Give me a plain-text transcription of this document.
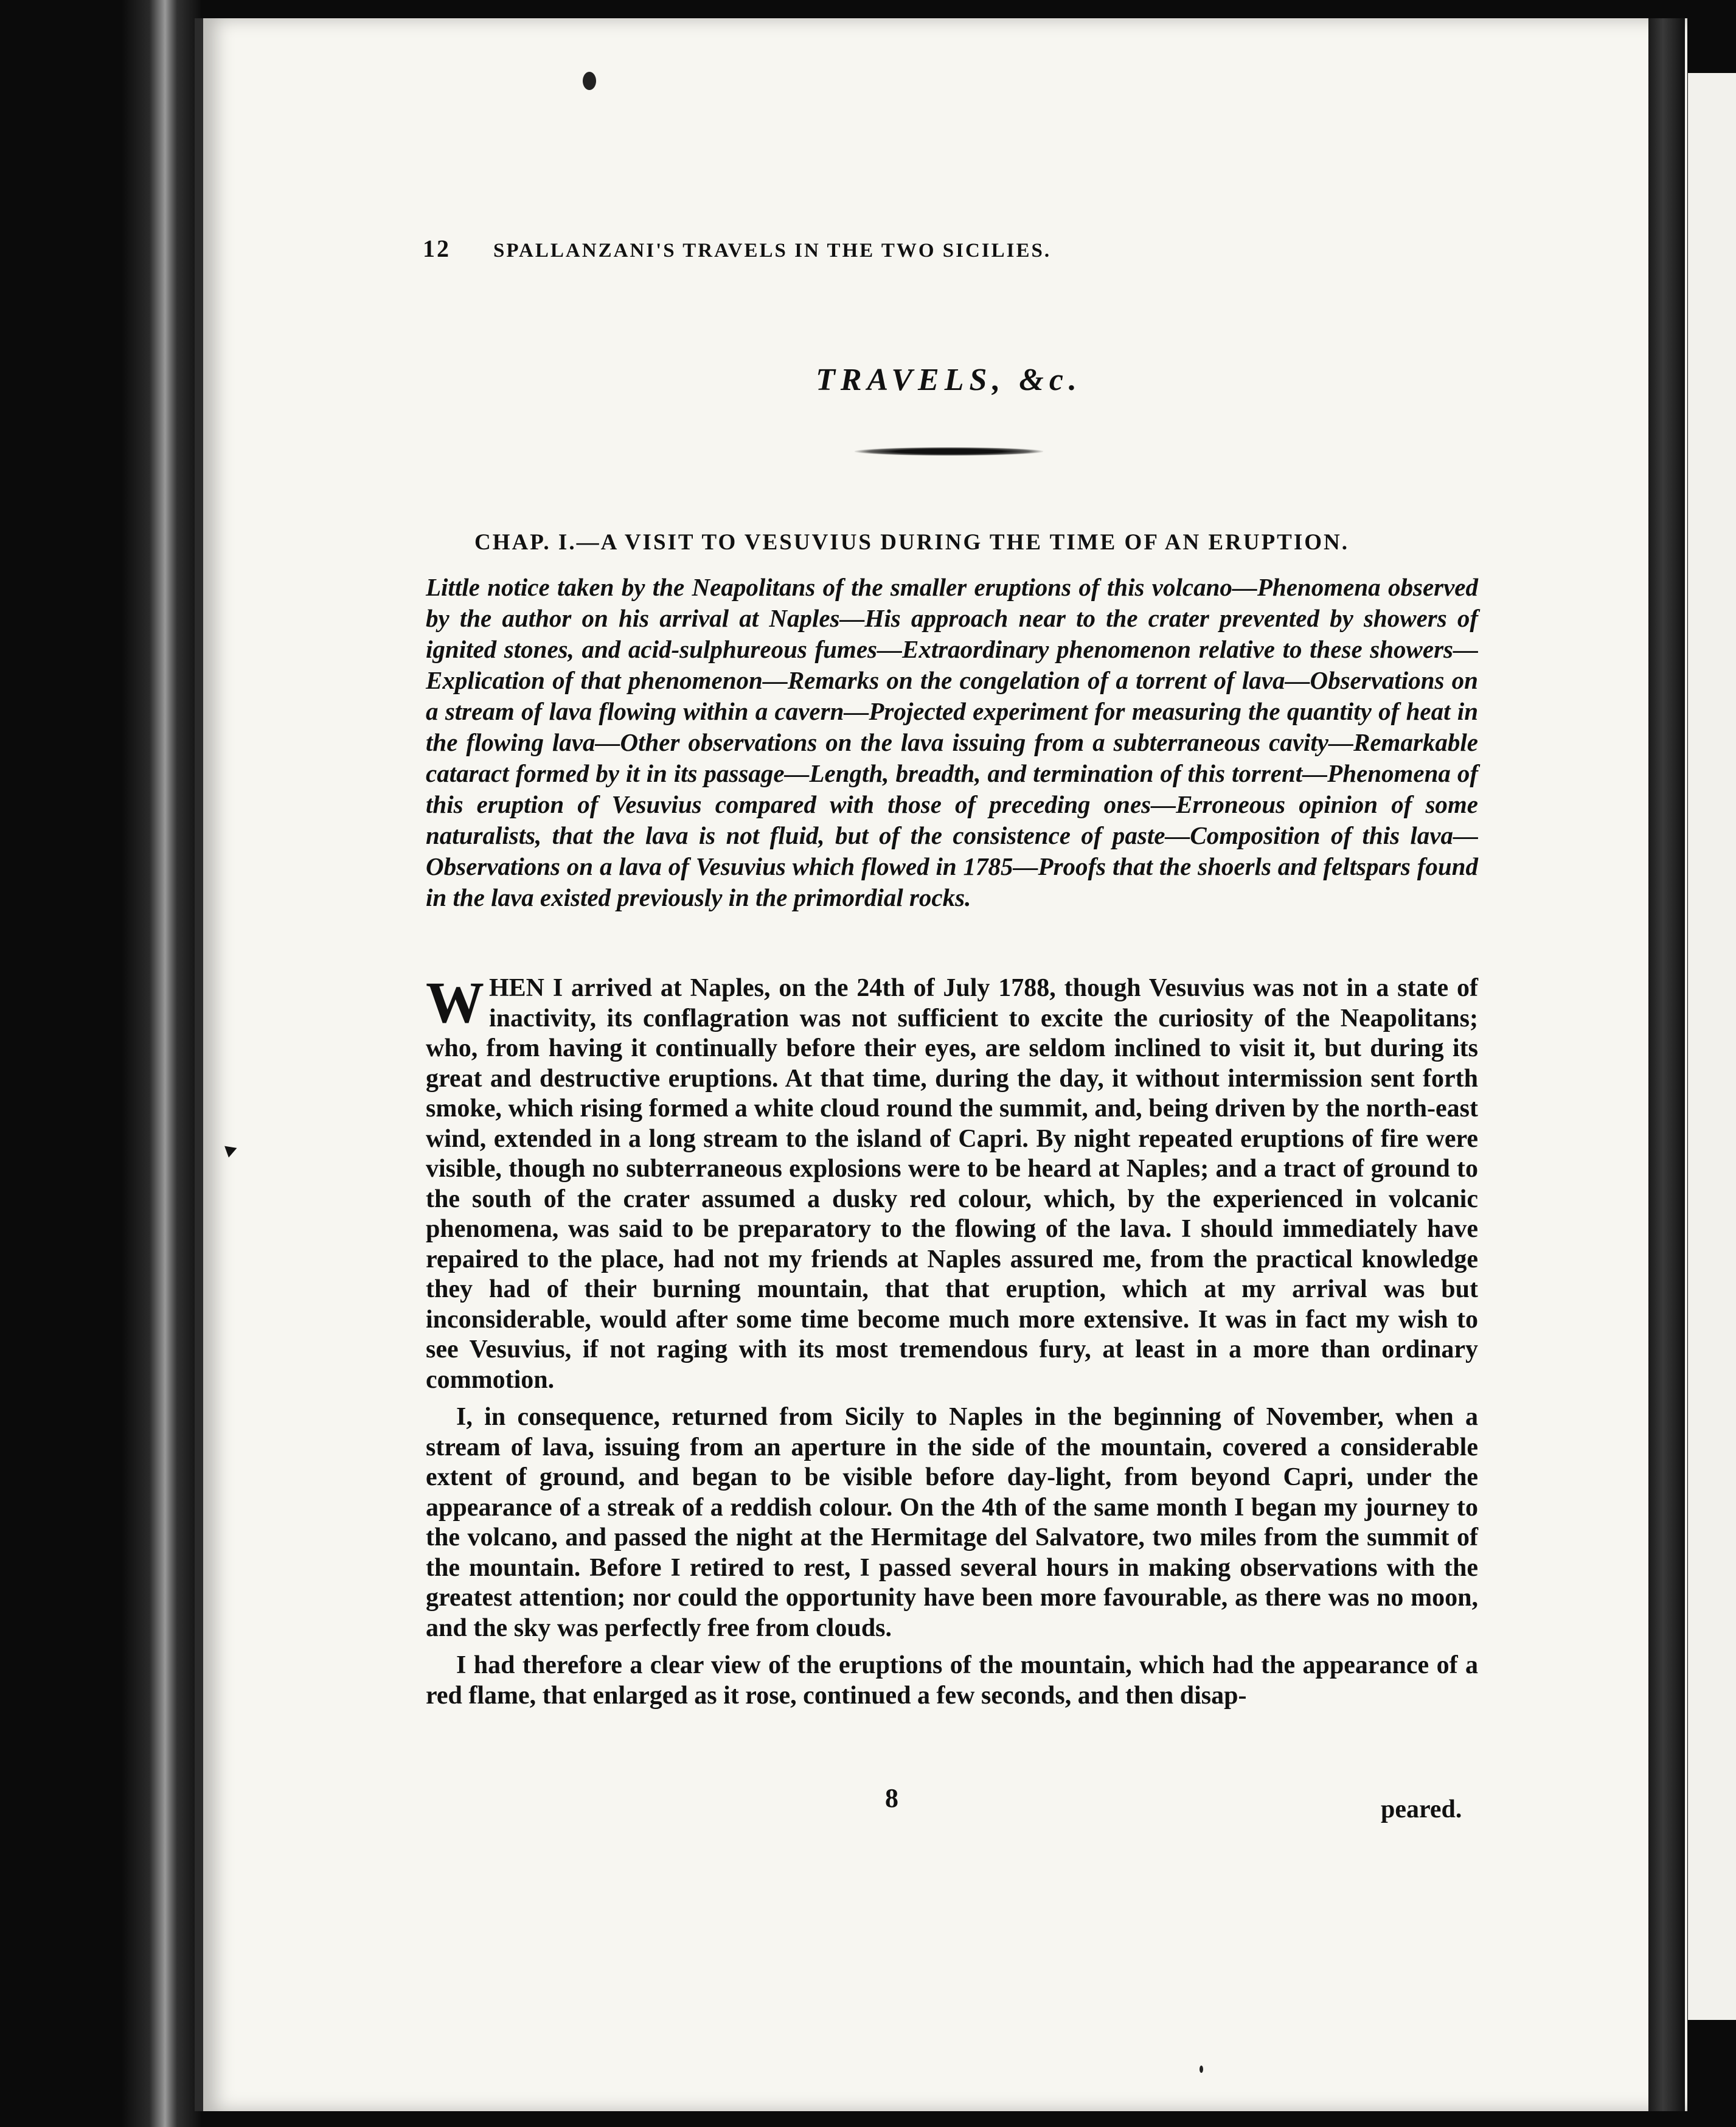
12 SPALLANZANI'S TRAVELS IN THE TWO SICILIES.
TRAVELS, &c.
CHAP. I.—A VISIT TO VESUVIUS DURING THE TIME OF AN ERUPTION.
Little notice taken by the Neapolitans of the smaller eruptions of this volcano—Phenomena observed by the author on his arrival at Naples—His approach near to the crater prevented by showers of ignited stones, and acid-sulphureous fumes—Extraordinary phenomenon relative to these showers—Explication of that phenomenon—Remarks on the congelation of a torrent of lava—Observations on a stream of lava flowing within a cavern—Projected experiment for measuring the quantity of heat in the flowing lava—Other observations on the lava issuing from a subterraneous cavity—Remarkable cataract formed by it in its passage—Length, breadth, and termination of this torrent—Phenomena of this eruption of Vesuvius compared with those of preceding ones—Erroneous opinion of some naturalists, that the lava is not fluid, but of the consistence of paste—Composition of this lava—Observations on a lava of Vesuvius which flowed in 1785—Proofs that the shoerls and feltspars found in the lava existed previously in the primordial rocks.

WHEN I arrived at Naples, on the 24th of July 1788, though Vesuvius was not in a state of inactivity, its conflagration was not sufficient to excite the curiosity of the Neapolitans; who, from having it continually before their eyes, are seldom inclined to visit it, but during its great and destructive eruptions. At that time, during the day, it without intermission sent forth smoke, which rising formed a white cloud round the summit, and, being driven by the north-east wind, extended in a long stream to the island of Capri. By night repeated eruptions of fire were visible, though no subterraneous explosions were to be heard at Naples; and a tract of ground to the south of the crater assumed a dusky red colour, which, by the experienced in volcanic phenomena, was said to be preparatory to the flowing of the lava. I should immediately have repaired to the place, had not my friends at Naples assured me, from the practical knowledge they had of their burning mountain, that that eruption, which at my arrival was but inconsiderable, would after some time become much more extensive. It was in fact my wish to see Vesuvius, if not raging with its most tremendous fury, at least in a more than ordinary commotion.

I, in consequence, returned from Sicily to Naples in the beginning of November, when a stream of lava, issuing from an aperture in the side of the mountain, covered a considerable extent of ground, and began to be visible before day-light, from beyond Capri, under the appearance of a streak of a reddish colour. On the 4th of the same month I began my journey to the volcano, and passed the night at the Hermitage del Salvatore, two miles from the summit of the mountain. Before I retired to rest, I passed several hours in making observations with the greatest attention; nor could the opportunity have been more favourable, as there was no moon, and the sky was perfectly free from clouds.

I had therefore a clear view of the eruptions of the mountain, which had the appearance of a red flame, that enlarged as it rose, continued a few seconds, and then disap-

8	peared.
